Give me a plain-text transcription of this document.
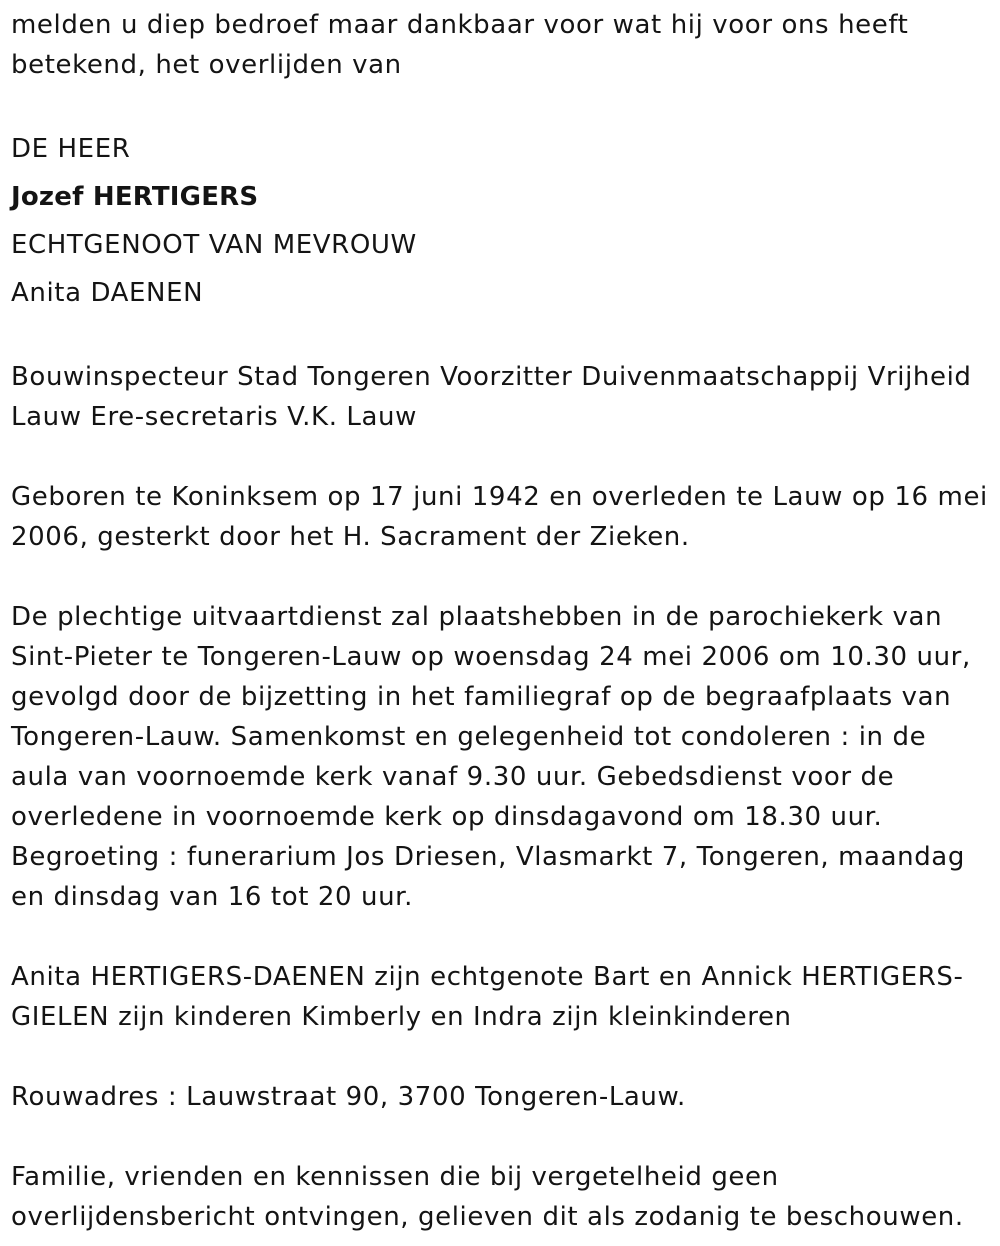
melden u diep bedroef maar dankbaar voor wat hij voor ons heeft betekend, het overlijden van

DE HEER

Jozef HERTIGERS

ECHTGENOOT VAN MEVROUW

Anita DAENEN

Bouwinspecteur Stad Tongeren Voorzitter Duivenmaatschappij Vrijheid Lauw Ere-secretaris V.K. Lauw

Geboren te Koninksem op 17 juni 1942 en overleden te Lauw op 16 mei 2006, gesterkt door het H. Sacrament der Zieken.

De plechtige uitvaartdienst zal plaatshebben in de parochiekerk van Sint-Pieter te Tongeren-Lauw op woensdag 24 mei 2006 om 10.30 uur, gevolgd door de bijzetting in het familiegraf op de begraafplaats van Tongeren-Lauw. Samenkomst en gelegenheid tot condoleren : in de aula van voornoemde kerk vanaf 9.30 uur. Gebedsdienst voor de overledene in voornoemde kerk op dinsdagavond om 18.30 uur. Begroeting : funerarium Jos Driesen, Vlasmarkt 7, Tongeren, maandag en dinsdag van 16 tot 20 uur.

Anita HERTIGERS-DAENEN zijn echtgenote Bart en Annick HERTIGERS-GIELEN zijn kinderen Kimberly en Indra zijn kleinkinderen

Rouwadres : Lauwstraat 90, 3700 Tongeren-Lauw.

Familie, vrienden en kennissen die bij vergetelheid geen overlijdensbericht ontvingen, gelieven dit als zodanig te beschouwen.
